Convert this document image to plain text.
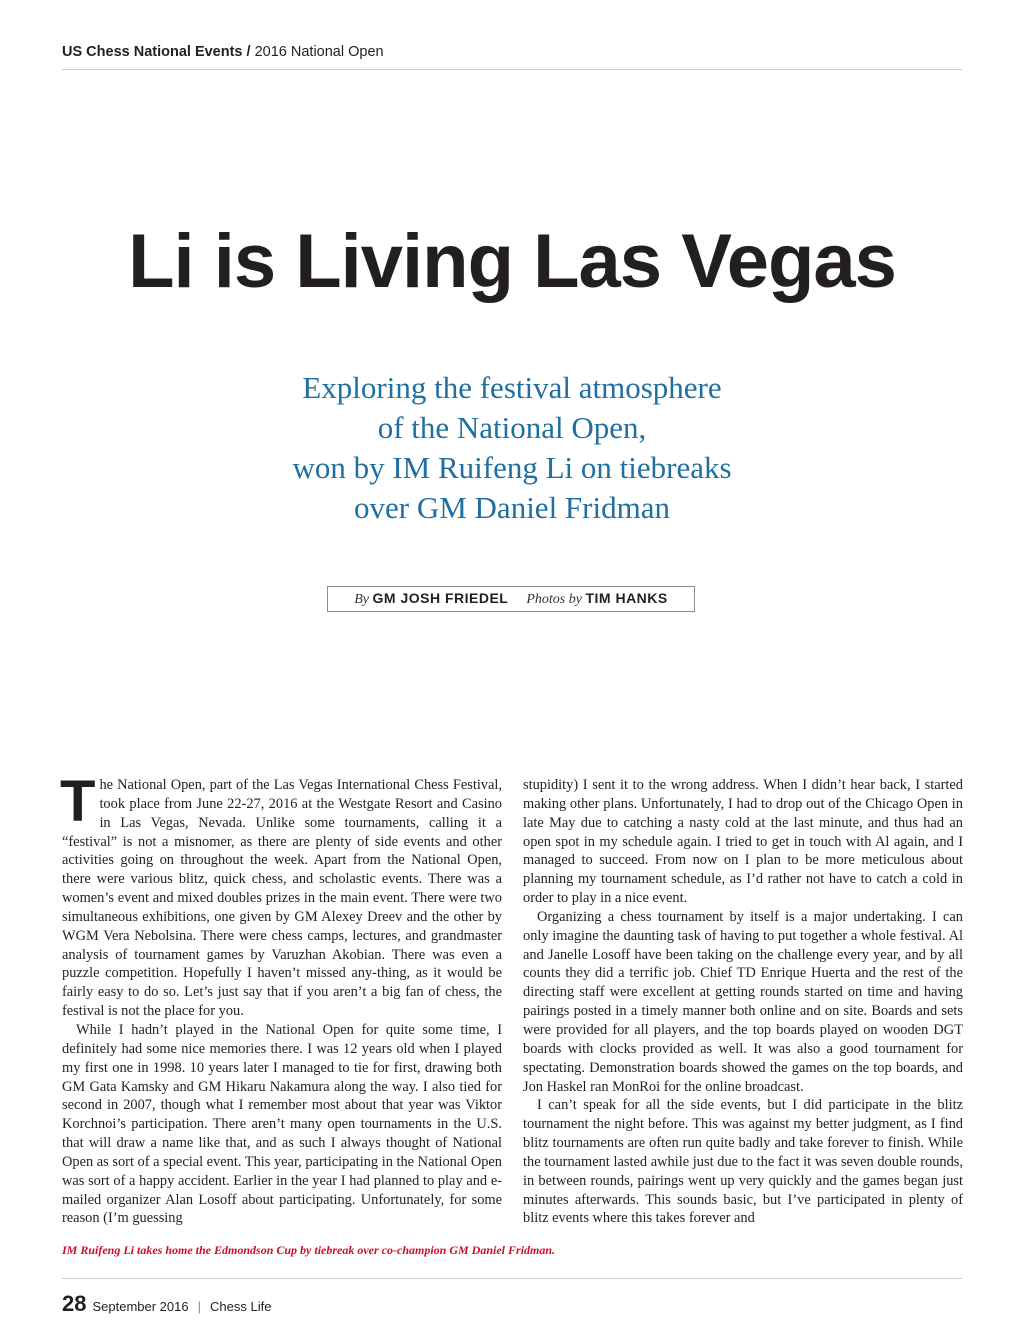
US Chess National Events / 2016 National Open
Li is Living Las Vegas
Exploring the festival atmosphere
of the National Open,
won by IM Ruifeng Li on tiebreaks
over GM Daniel Fridman
By GM JOSH FRIEDEL Photos by TIM HANKS

The National Open, part of the Las Vegas International Chess Festival, took place from June 22-27, 2016 at the Westgate Resort and Casino in Las Vegas, Nevada. Unlike some tournaments, calling it a “festival” is not a misnomer, as there are plenty of side events and other activities going on throughout the week. Apart from the National Open, there were various blitz, quick chess, and scholastic events. There was a women’s event and mixed doubles prizes in the main event. There were two simultaneous exhibitions, one given by GM Alexey Dreev and the other by WGM Vera Nebolsina. There were chess camps, lectures, and grandmaster analysis of tournament games by Varuzhan Akobian. There was even a puzzle competition. Hopefully I haven’t missed any-thing, as it would be fairly easy to do so. Let’s just say that if you aren’t a big fan of chess, the festival is not the place for you.

While I hadn’t played in the National Open for quite some time, I definitely had some nice memories there. I was 12 years old when I played my first one in 1998. 10 years later I managed to tie for first, drawing both GM Gata Kamsky and GM Hikaru Nakamura along the way. I also tied for second in 2007, though what I remember most about that year was Viktor Korchnoi’s participation. There aren’t many open tournaments in the U.S. that will draw a name like that, and as such I always thought of National Open as sort of a special event. This year, participating in the National Open was sort of a happy accident. Earlier in the year I had planned to play and e-mailed organizer Alan Losoff about participating. Unfortunately, for some reason (I’m guessing

stupidity) I sent it to the wrong address. When I didn’t hear back, I started making other plans. Unfortunately, I had to drop out of the Chicago Open in late May due to catching a nasty cold at the last minute, and thus had an open spot in my schedule again. I tried to get in touch with Al again, and I managed to succeed. From now on I plan to be more meticulous about planning my tournament schedule, as I’d rather not have to catch a cold in order to play in a nice event.

Organizing a chess tournament by itself is a major undertaking. I can only imagine the daunting task of having to put together a whole festival. Al and Janelle Losoff have been taking on the challenge every year, and by all counts they did a terrific job. Chief TD Enrique Huerta and the rest of the directing staff were excellent at getting rounds started on time and having pairings posted in a timely manner both online and on site. Boards and sets were provided for all players, and the top boards played on wooden DGT boards with clocks provided as well. It was also a good tournament for spectating. Demonstration boards showed the games on the top boards, and Jon Haskel ran MonRoi for the online broadcast.

I can’t speak for all the side events, but I did participate in the blitz tournament the night before. This was against my better judgment, as I find blitz tournaments are often run quite badly and take forever to finish. While the tournament lasted awhile just due to the fact it was seven double rounds, in between rounds, pairings went up very quickly and the games began just minutes afterwards. This sounds basic, but I’ve participated in plenty of blitz events where this takes forever and

IM Ruifeng Li takes home the Edmondson Cup by tiebreak over co-champion GM Daniel Fridman.
28 September 2016 | Chess Life
